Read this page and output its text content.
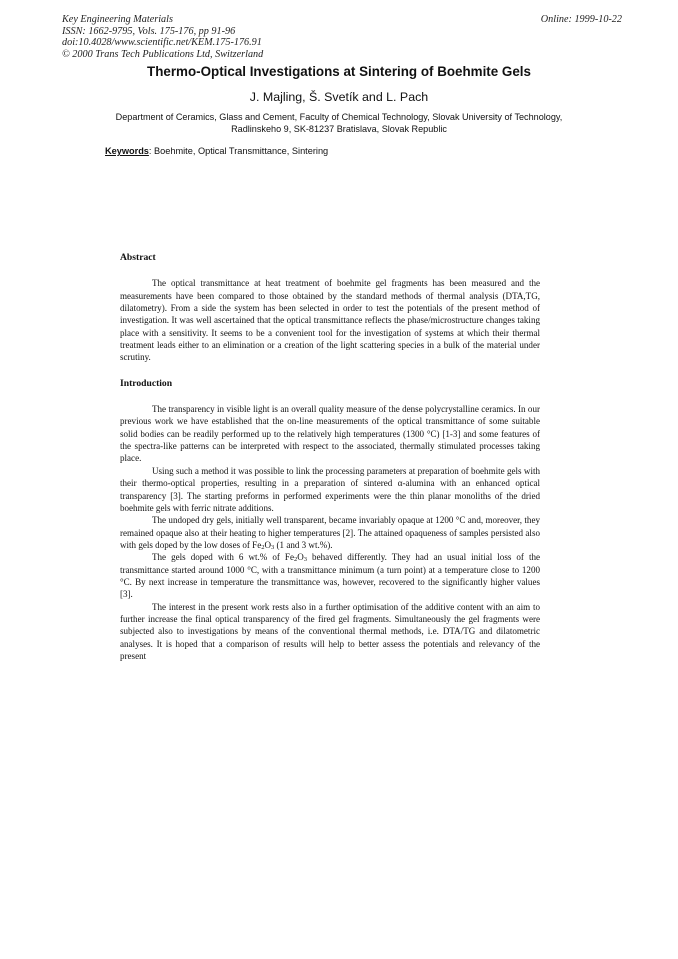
Key Engineering Materials
ISSN: 1662-9795, Vols. 175-176, pp 91-96
doi:10.4028/www.scientific.net/KEM.175-176.91
© 2000 Trans Tech Publications Ltd, Switzerland
Online: 1999-10-22
Thermo-Optical Investigations at Sintering of Boehmite Gels
J. Majling, Š. Svetík and L. Pach
Department of Ceramics, Glass and Cement, Faculty of Chemical Technology, Slovak University of Technology, Radlinskeho 9, SK-81237 Bratislava, Slovak Republic
Keywords: Boehmite, Optical Transmittance, Sintering
Abstract

The optical transmittance at heat treatment of boehmite gel fragments has been measured and the measurements have been compared to those obtained by the standard methods of thermal analysis (DTA,TG, dilatometry). From a side the system has been selected in order to test the potentials of the present method of investigation. It was well ascertained that the optical transmittance reflects the phase/microstructure changes taking place with a sensitivity. It seems to be a convenient tool for the investigation of systems at which their thermal treatment leads either to an elimination or a creation of the light scattering species in a bulk of the material under scrutiny.

Introduction

The transparency in visible light is an overall quality measure of the dense polycrystalline ceramics. In our previous work we have established that the on-line measurements of the optical transmittance of some suitable solid bodies can be readily performed up to the relatively high temperatures (1300 °C) [1-3] and some features of the spectra-like patterns can be interpreted with respect to the associated, thermally stimulated processes taking place.

Using such a method it was possible to link the processing parameters at preparation of boehmite gels with their thermo-optical properties, resulting in a preparation of sintered α-alumina with an enhanced optical transparency [3]. The starting preforms in performed experiments were the thin planar monoliths of the dried boehmite gels with ferric nitrate additions.

The undoped dry gels, initially well transparent, became invariably opaque at 1200 °C and, moreover, they remained opaque also at their heating to higher temperatures [2]. The attained opaqueness of samples persisted also with gels doped by the low doses of $Fe_2O_3$ (1 and 3 wt.%).

The gels doped with 6 wt.% of $Fe_2O_3$ behaved differently. They had an usual initial loss of the transmittance started around 1000 °C, with a transmittance minimum (a turn point) at a temperature close to 1200 °C. By next increase in temperature the transmittance was, however, recovered to the significantly higher values [3].

The interest in the present work rests also in a further optimisation of the additive content with an aim to further increase the final optical transparency of the fired gel fragments. Simultaneously the gel fragments were subjected also to investigations by means of the conventional thermal methods, i.e. DTA/TG and dilatometric analyses. It is hoped that a comparison of results will help to better assess the potentials and relevancy of the present
